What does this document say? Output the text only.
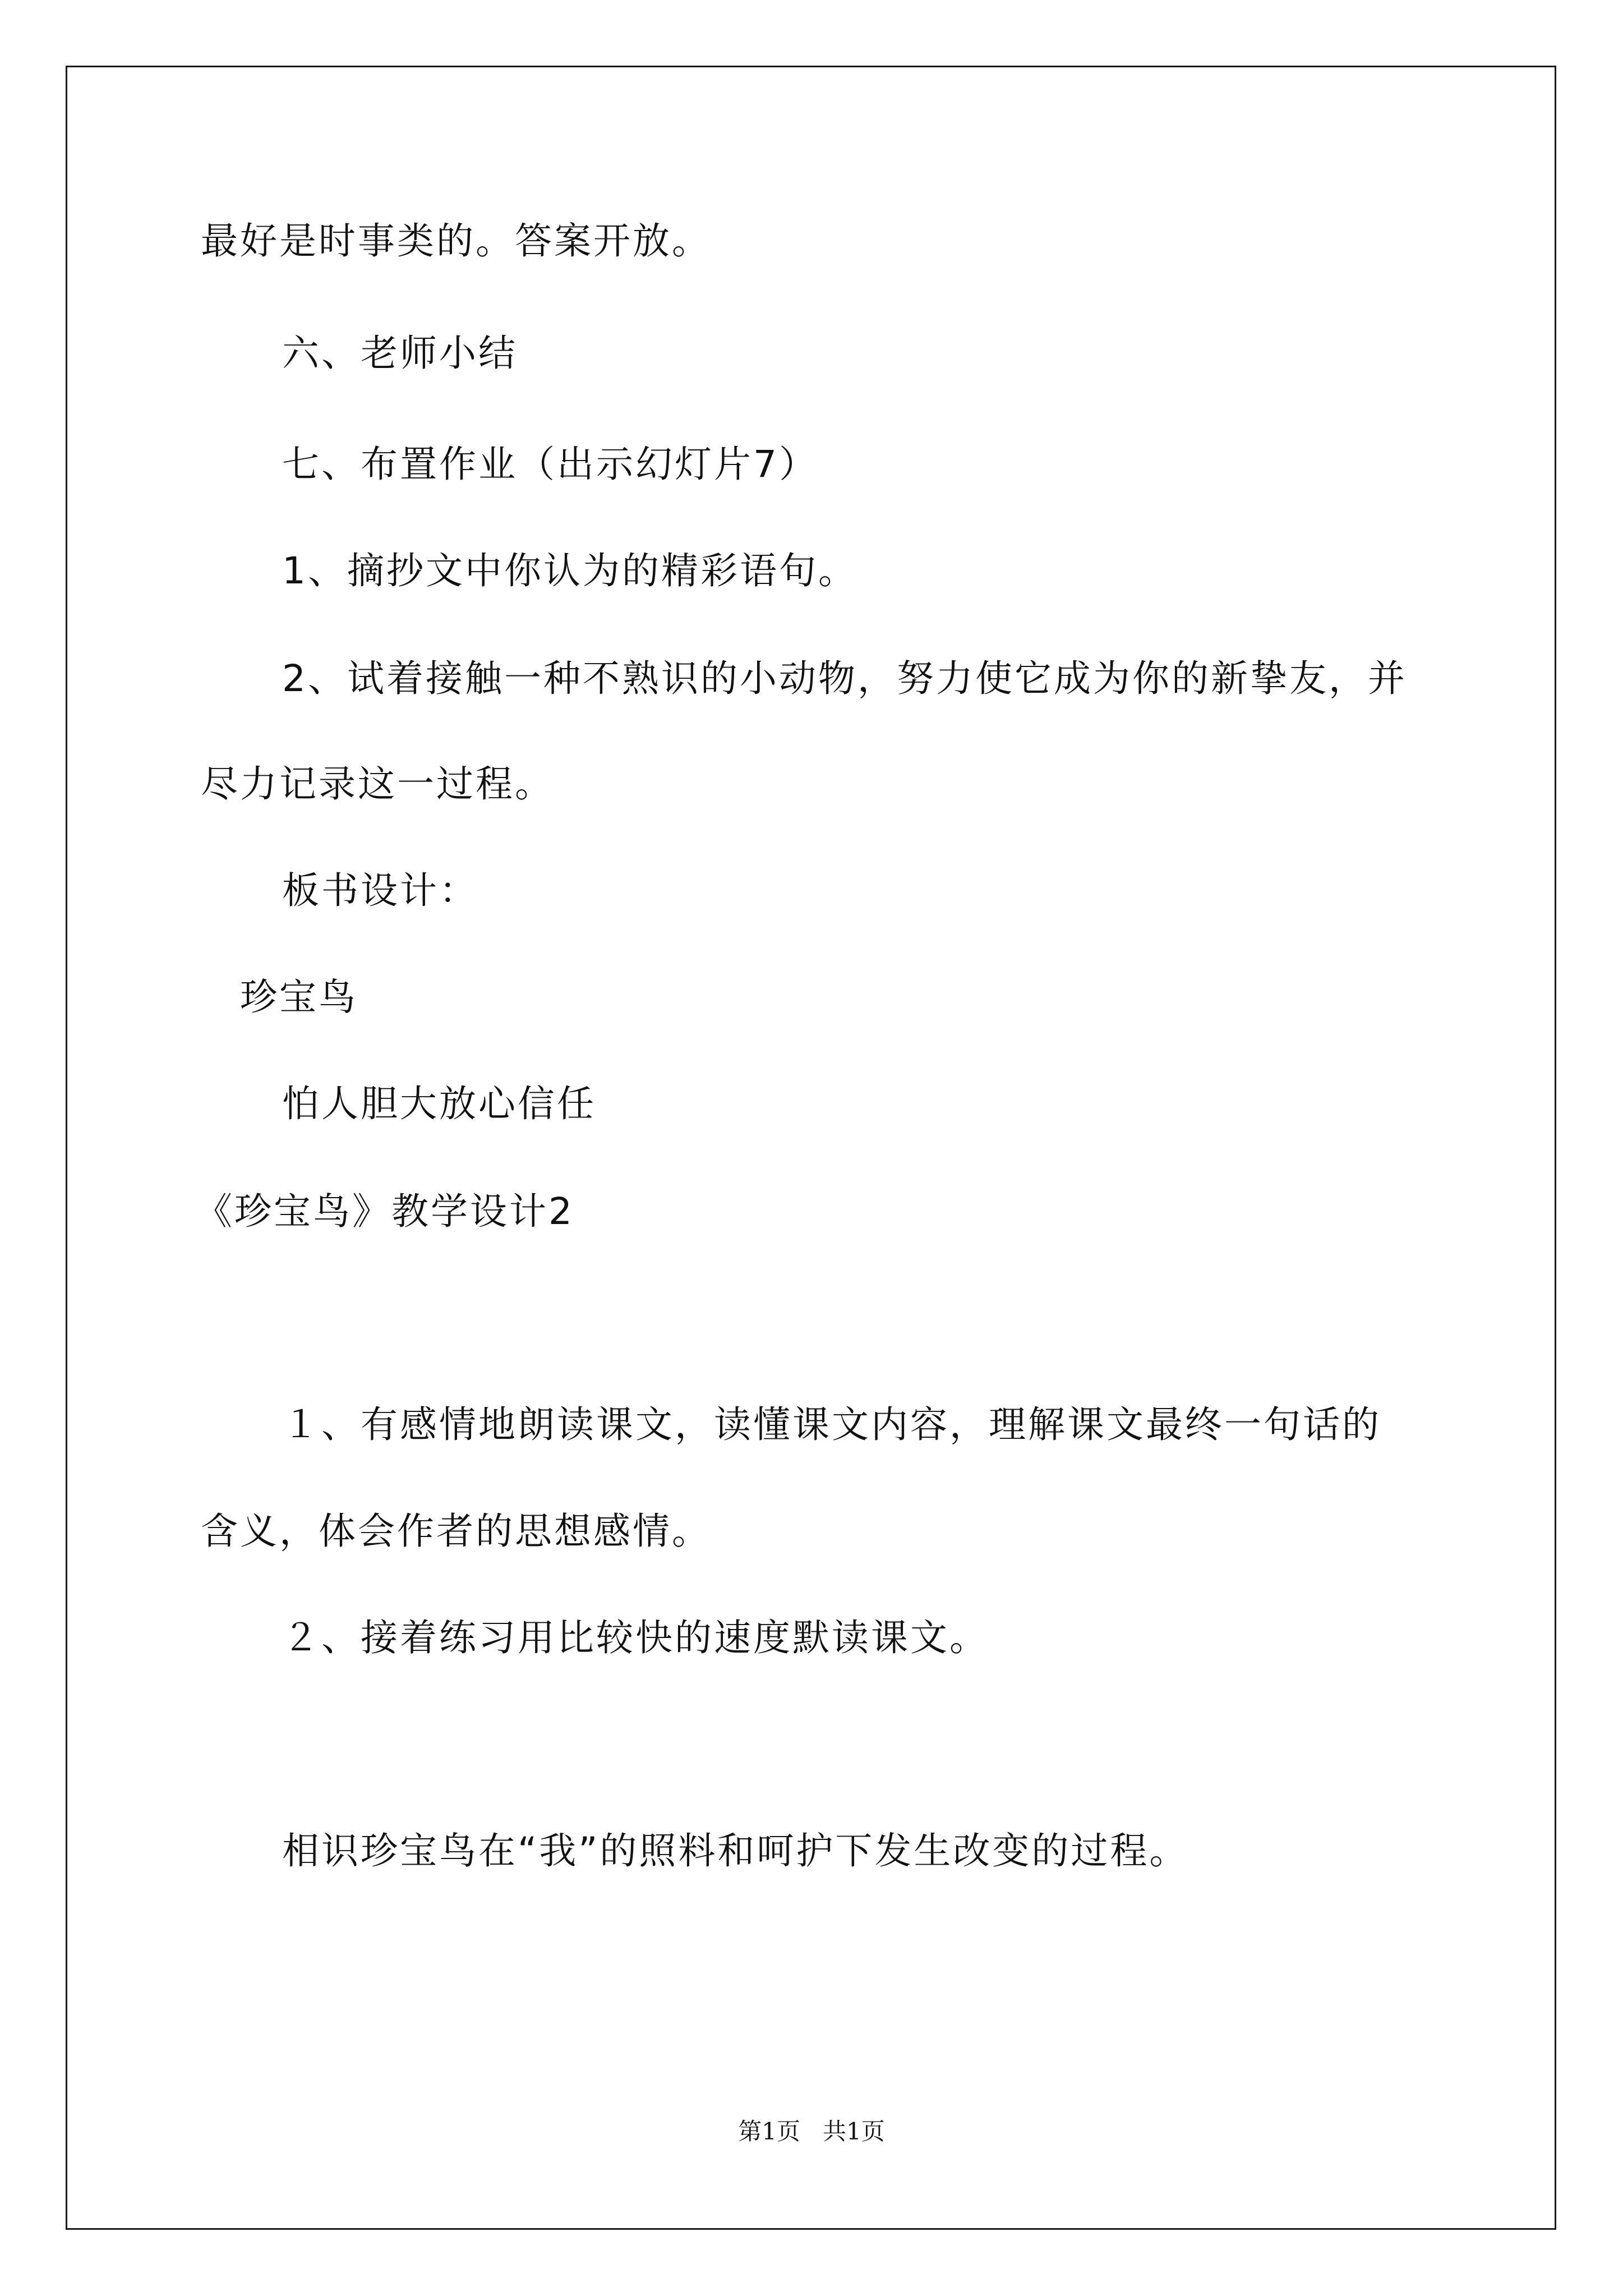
最好是时事类的。答案开放。
六、老师小结
七、布置作业（出示幻灯片7）
1、摘抄文中你认为的精彩语句。
2、试着接触一种不熟识的小动物，努力使它成为你的新挚友，并
尽力记录这一过程。
板书设计：
珍宝鸟
怕人胆大放心信任
《珍宝鸟》教学设计2
１、有感情地朗读课文，读懂课文内容，理解课文最终一句话的
含义，体会作者的思想感情。
２、接着练习用比较快的速度默读课文。
相识珍宝鸟在“我”的照料和呵护下发生改变的过程。
第1页 共1页
